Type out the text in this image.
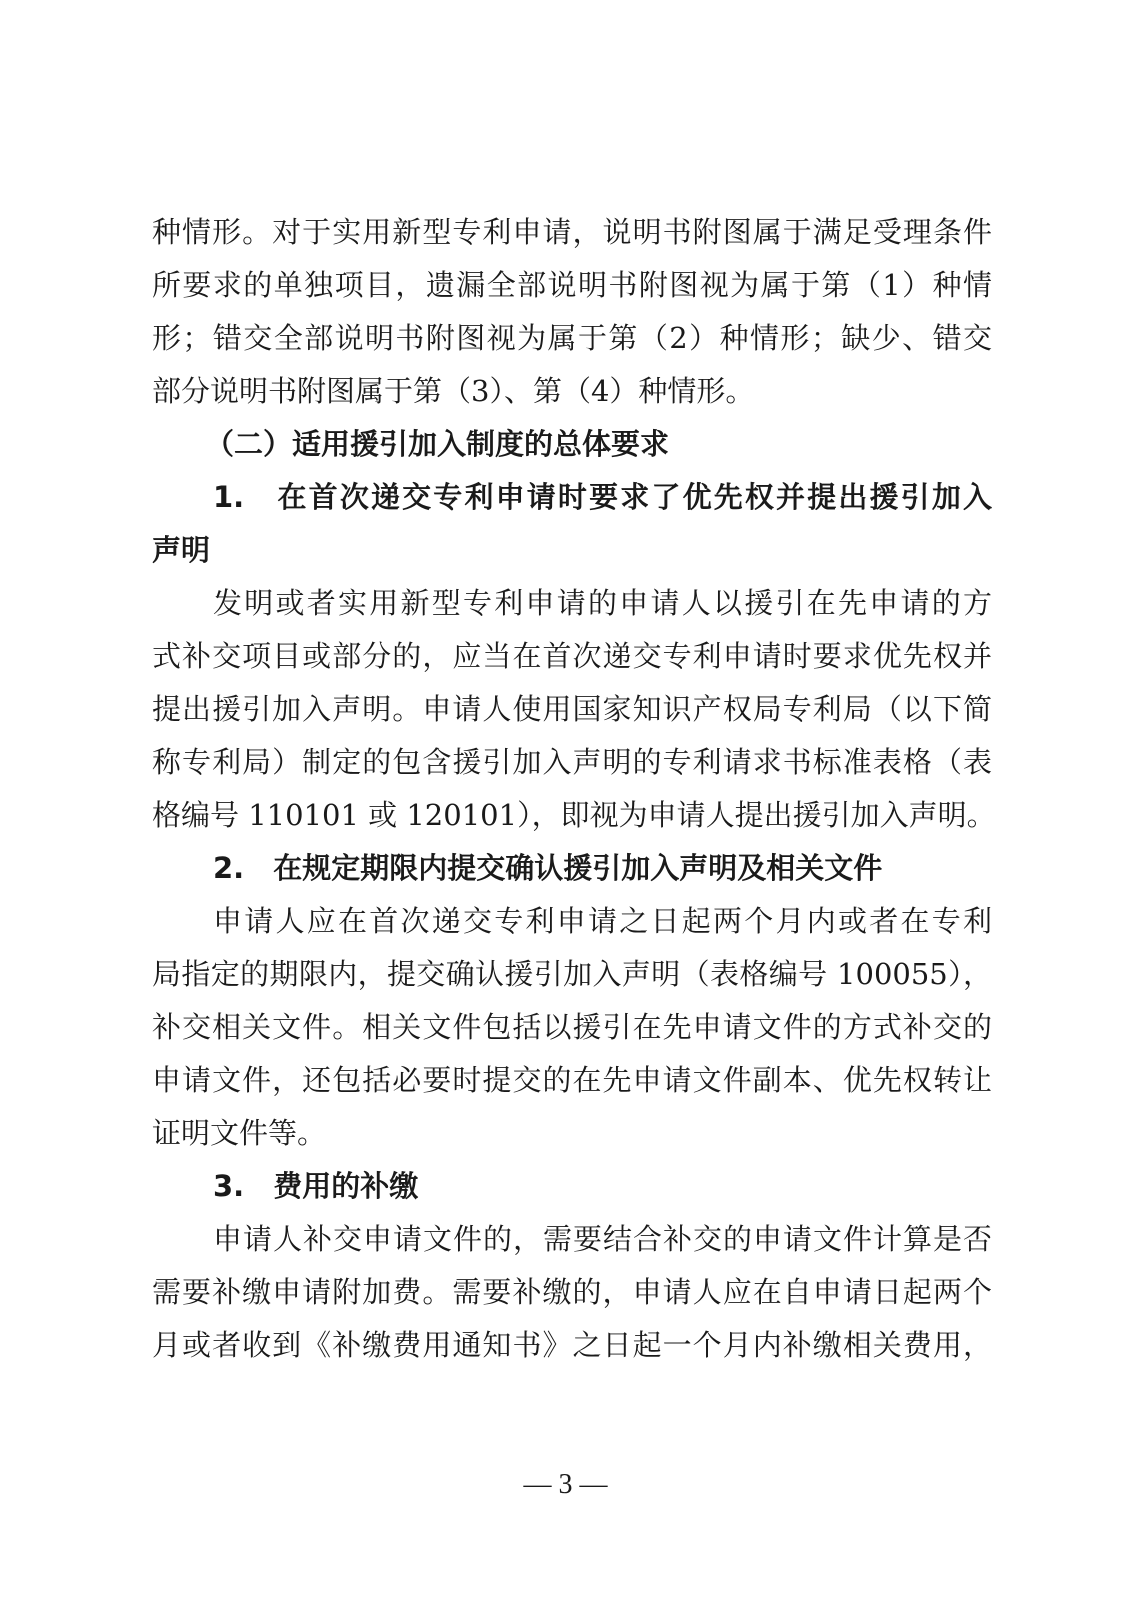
种情形。对于实用新型专利申请，说明书附图属于满足受理条件
所要求的单独项目，遗漏全部说明书附图视为属于第（1）种情
形；错交全部说明书附图视为属于第（2）种情形；缺少、错交
部分说明书附图属于第（3）、第（4）种情形。
（二）适用援引加入制度的总体要求
1.　在首次递交专利申请时要求了优先权并提出援引加入
声明
发明或者实用新型专利申请的申请人以援引在先申请的方
式补交项目或部分的，应当在首次递交专利申请时要求优先权并
提出援引加入声明。申请人使用国家知识产权局专利局（以下简
称专利局）制定的包含援引加入声明的专利请求书标准表格（表
格编号 110101 或 120101），即视为申请人提出援引加入声明。
2.　在规定期限内提交确认援引加入声明及相关文件
申请人应在首次递交专利申请之日起两个月内或者在专利
局指定的期限内，提交确认援引加入声明（表格编号 100055），
补交相关文件。相关文件包括以援引在先申请文件的方式补交的
申请文件，还包括必要时提交的在先申请文件副本、优先权转让
证明文件等。
3.　费用的补缴
申请人补交申请文件的，需要结合补交的申请文件计算是否
需要补缴申请附加费。需要补缴的，申请人应在自申请日起两个
月或者收到《补缴费用通知书》之日起一个月内补缴相关费用，
— 3 —
